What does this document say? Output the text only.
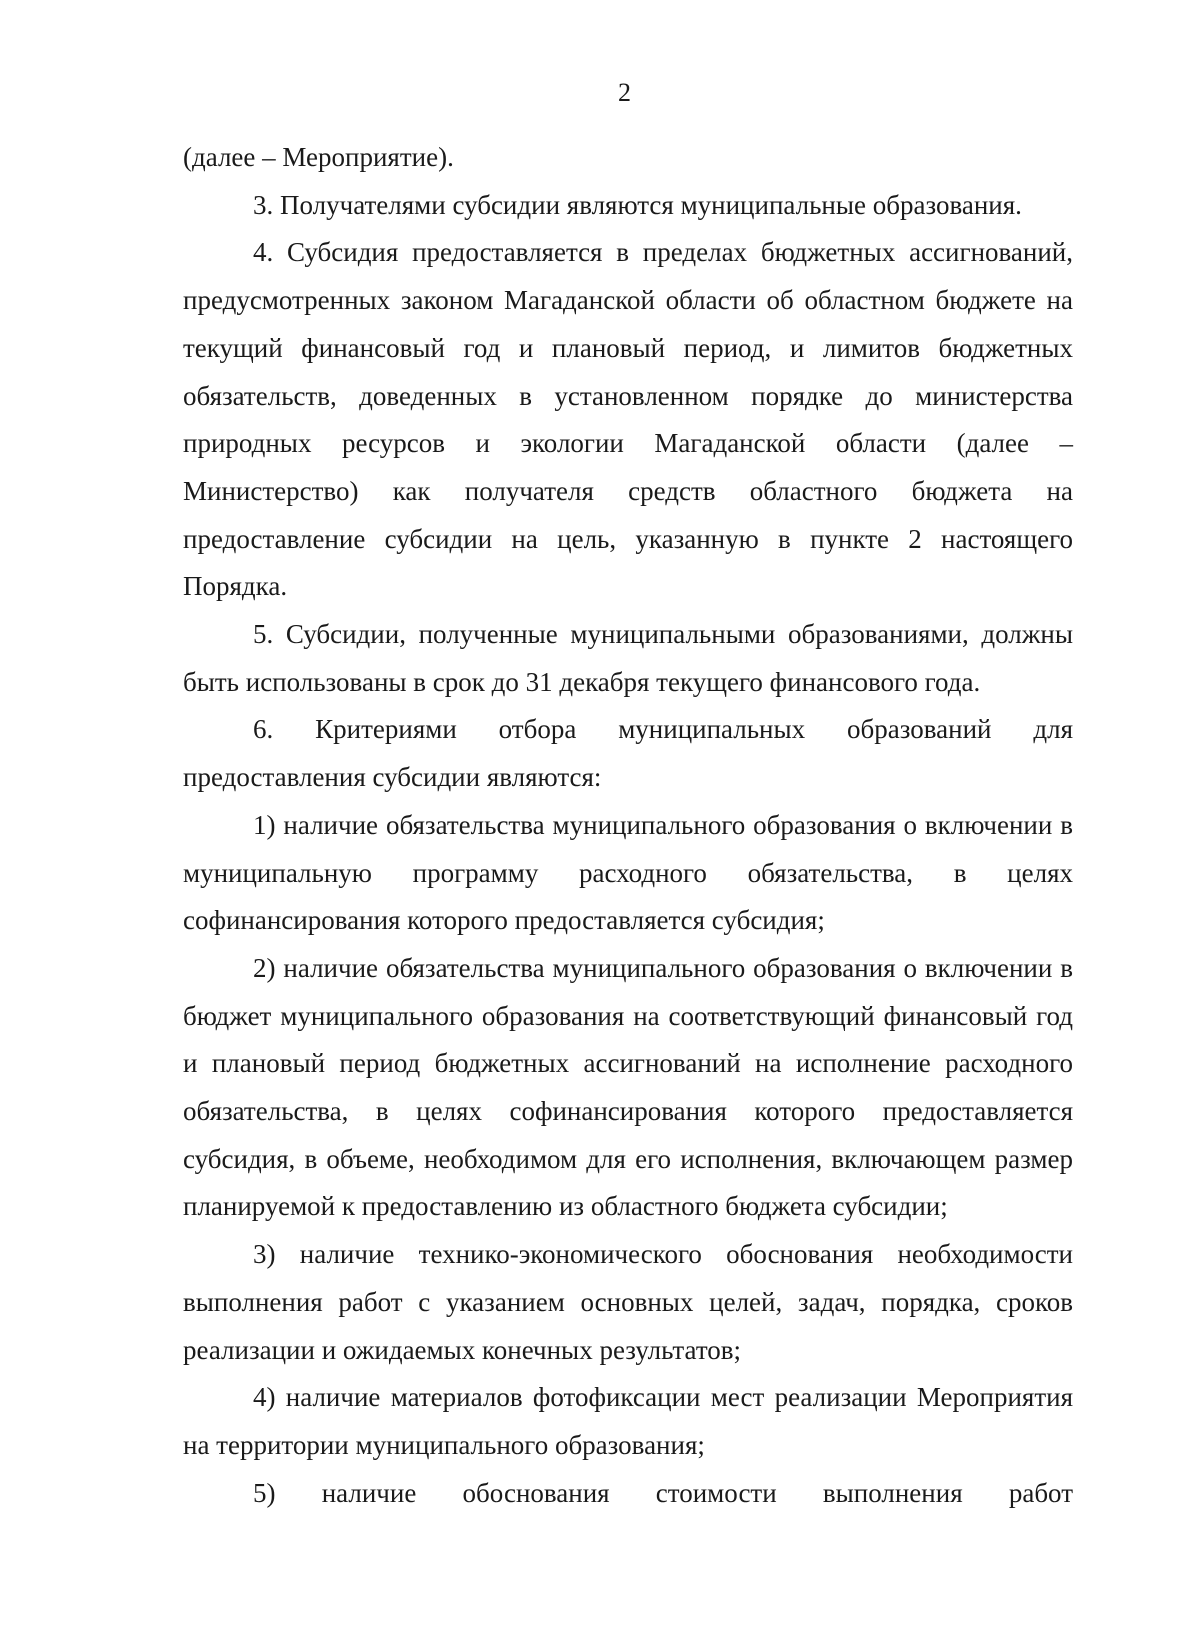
2

(далее – Мероприятие).

3. Получателями субсидии являются муниципальные образования.

4. Субсидия предоставляется в пределах бюджетных ассигнований, предусмотренных законом Магаданской области об областном бюджете на текущий финансовый год и плановый период, и лимитов бюджетных обязательств, доведенных в установленном порядке до министерства природных ресурсов и экологии Магаданской области (далее – Министерство) как получателя средств областного бюджета на предоставление субсидии на цель, указанную в пункте 2 настоящего Порядка.

5. Субсидии, полученные муниципальными образованиями, должны быть использованы в срок до 31 декабря текущего финансового года.

6. Критериями отбора муниципальных образований для предоставления субсидии являются:

1) наличие обязательства муниципального образования о включении в муниципальную программу расходного обязательства, в целях софинансирования которого предоставляется субсидия;

2) наличие обязательства муниципального образования о включении в бюджет муниципального образования на соответствующий финансовый год и плановый период бюджетных ассигнований на исполнение расходного обязательства, в целях софинансирования которого предоставляется субсидия, в объеме, необходимом для его исполнения, включающем размер планируемой к предоставлению из областного бюджета субсидии;

3) наличие технико-экономического обоснования необходимости выполнения работ с указанием основных целей, задач, порядка, сроков реализации и ожидаемых конечных результатов;

4) наличие материалов фотофиксации мест реализации Мероприятия на территории муниципального образования;

5) наличие обоснования стоимости выполнения работ
